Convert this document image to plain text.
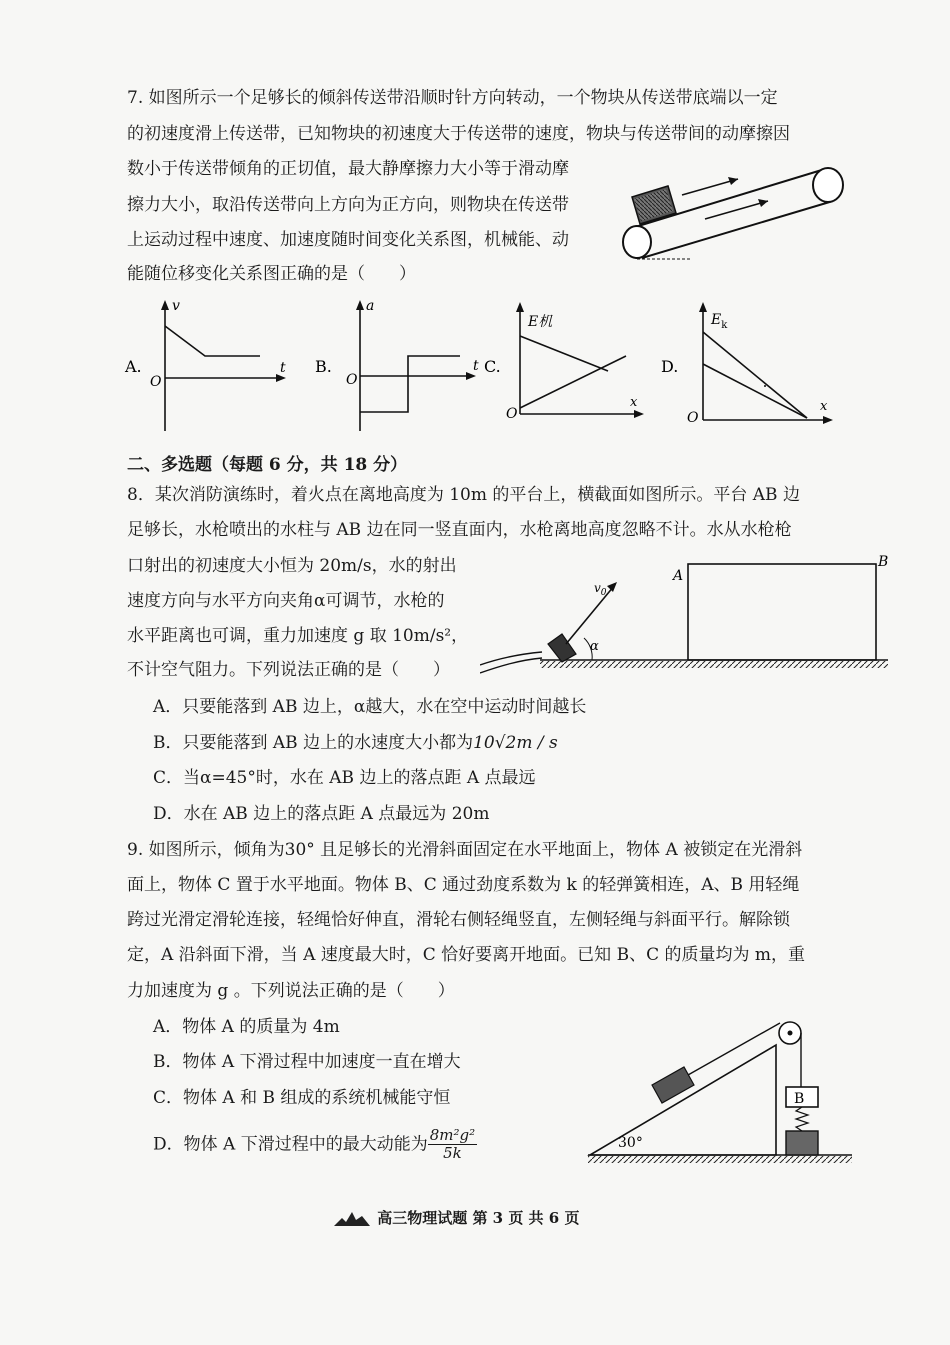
7. 如图所示一个足够长的倾斜传送带沿顺时针方向转动，一个物块从传送带底端以一定
的初速度滑上传送带，已知物块的初速度大于传送带的速度，物块与传送带间的动摩擦因
数小于传送带倾角的正切值，最大静摩擦力大小等于滑动摩
擦力大小，取沿传送带向上方向为正方向，则物块在传送带
上运动过程中速度、加速度随时间变化关系图，机械能、动
能随位移变化关系图正确的是（　　）
A.
v
t
O
B.
a
t
O
C.
E机
x
O
D.
$E_k$
x
O
二、多选题（每题 6 分，共 18 分）
8．某次消防演练时，着火点在离地高度为 10m 的平台上，横截面如图所示。平台 AB 边
足够长，水枪喷出的水柱与 AB 边在同一竖直面内，水枪离地高度忽略不计。水从水枪枪
口射出的初速度大小恒为 20m/s，水的射出
速度方向与水平方向夹角α可调节，水枪的
水平距离也可调，重力加速度 g 取 10m/s²，
不计空气阻力。下列说法正确的是（　　）
A
B
$v_0$
α
A．只要能落到 AB 边上，α越大，水在空中运动时间越长
B．只要能落到 AB 边上的水速度大小都为10√2m / s
C．当α=45°时，水在 AB 边上的落点距 A 点最远
D．水在 AB 边上的落点距 A 点最远为 20m
9. 如图所示，倾角为30° 且足够长的光滑斜面固定在水平地面上，物体 A 被锁定在光滑斜
面上，物体 C 置于水平地面。物体 B、C 通过劲度系数为 k 的轻弹簧相连，A、B 用轻绳
跨过光滑定滑轮连接，轻绳恰好伸直，滑轮右侧轻绳竖直，左侧轻绳与斜面平行。解除锁
定，A 沿斜面下滑，当 A 速度最大时，C 恰好要离开地面。已知 B、C 的质量均为 m，重
力加速度为 g 。下列说法正确的是（　　）
A．物体 A 的质量为 4m
B．物体 A 下滑过程中加速度一直在增大
C．物体 A 和 B 组成的系统机械能守恒
D．物体 A 下滑过程中的最大动能为 $\frac{\text{8m²g²}}{5k}$	30°
B
高三物理试题 第 3 页 共 6 页
